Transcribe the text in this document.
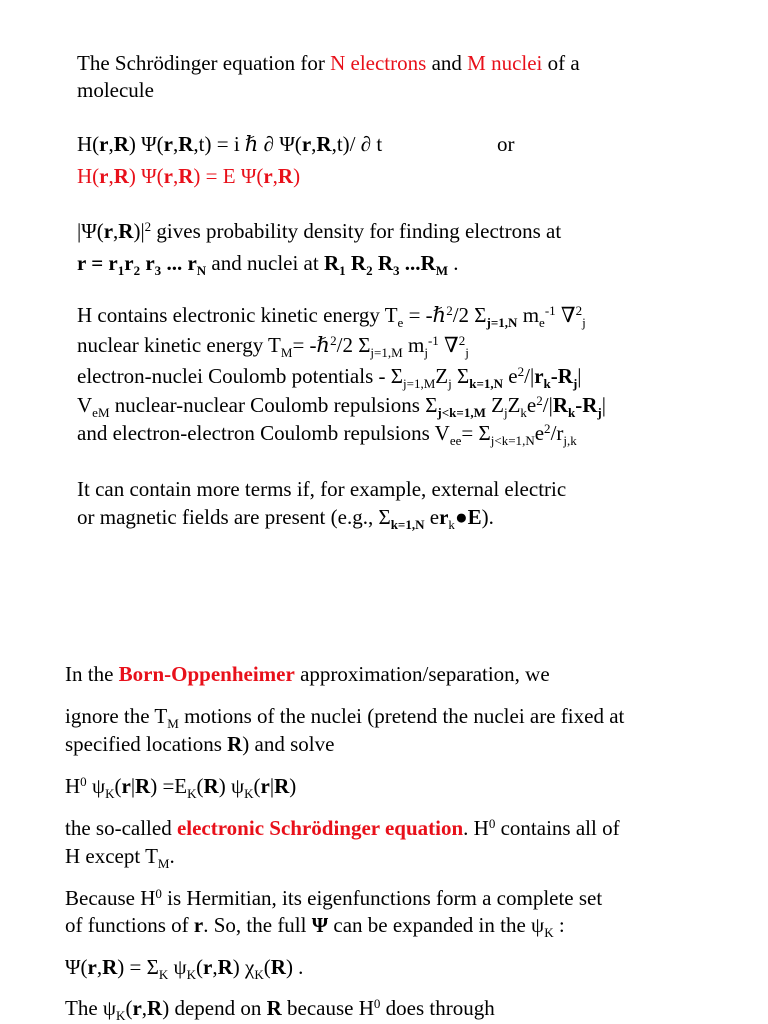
The Schrödinger equation for N electrons and M nuclei of a
molecule
H(r,R) Ψ(r,R,t) = i ℏ ∂ Ψ(r,R,t)/ ∂ t	or
H(r,R) Ψ(r,R) = E Ψ(r,R)
$|\Psi(r,R)|^2$ gives probability density for finding electrons at
$r = r_1r_2$ $r_3$ ... $r_N$ and nuclei at $R_1$ $R_2$ $R_3$ $...R_M$ .
H contains electronic kinetic energy $T_e$ = -ℏ$^2$/2 $\Sigma_{j=1,N}$ $m_e^{-1}$ ∇$^2_j$
nuclear kinetic energy $T_M=$ -ℏ$^2$/2 $\Sigma_{j=1,M}$ $m_j^{-1}$ ∇$^2_j$
electron-nuclei Coulomb potentials - $\Sigma_{j=1,M}Z_j$ $\Sigma_{k=1,N}$ $e^2/|r_k-R_j|$
$V_{eM}$ nuclear-nuclear Coulomb repulsions $\Sigma_{j<k=1,M}$ $Z_jZ_ke^2/|R_k-R_j|$
and electron-electron Coulomb repulsions $V_{ee}= \Sigma_{j<k=1,N}e^2/r_{j,k}$
It can contain more terms if, for example, external electric
or magnetic fields are present (e.g., $\Sigma_{k=1,N}$ $er_k●E$).
In the Born-Oppenheimer approximation/separation, we
ignore the $T_M$ motions of the nuclei (pretend the nuclei are fixed at
specified locations R) and solve
$H^0$ $\psi_K(r|R) =E_K(R)$ $\psi_K(r|R)$
the so-called electronic Schrödinger equation. $H^0$ contains all of
H except $T_M$.
Because $H^0$ is Hermitian, its eigenfunctions form a complete set
of functions of r. So, the full Ψ can be expanded in the $\psi_K$ :
$\Psi(r,R) = \Sigma_K$ $\psi_K(r,R)$ $\chi_K(R)$ .
The $\psi_K(r,R)$ depend on R because $H^0$ does through
